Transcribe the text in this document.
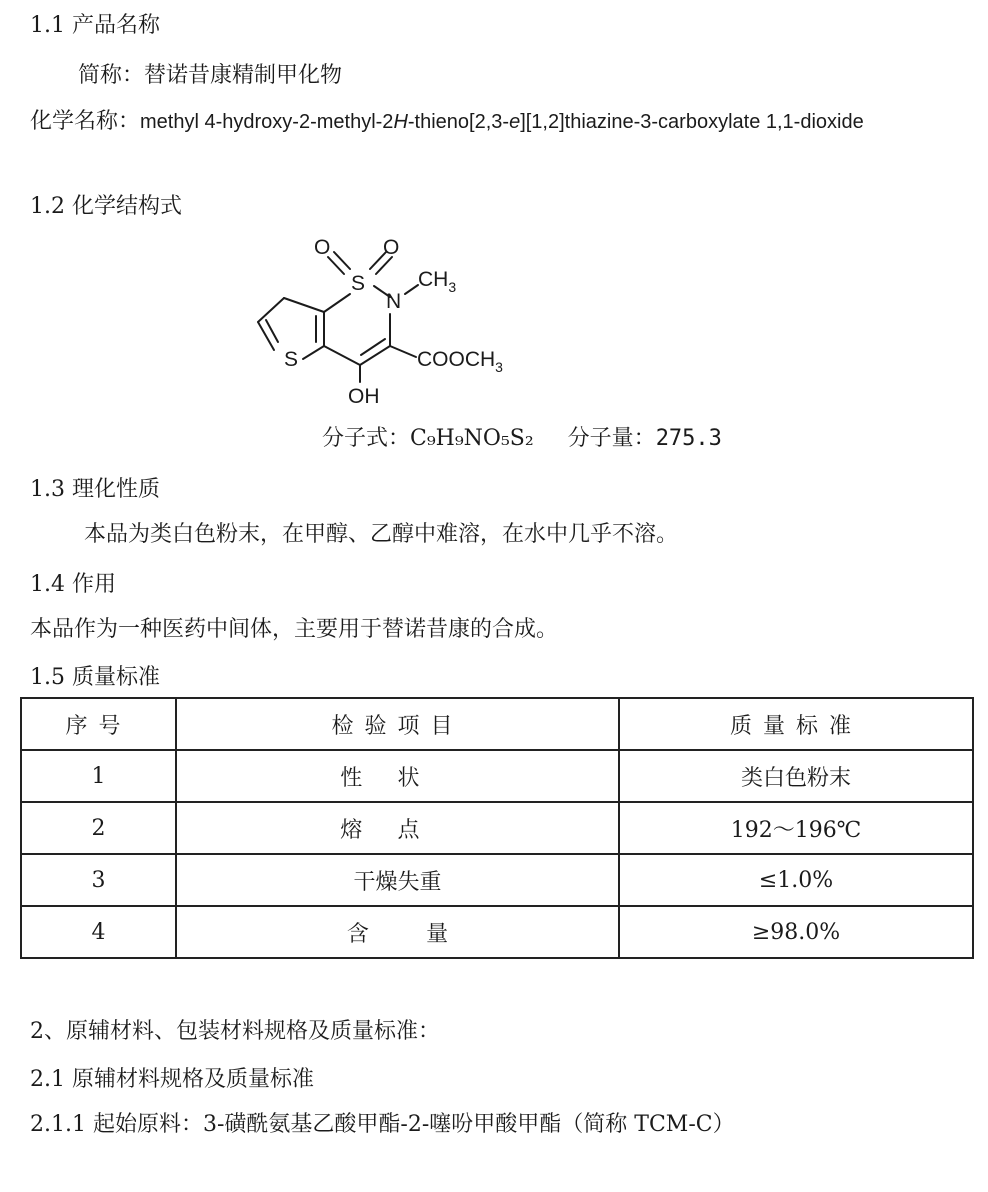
1.1 产品名称
简称：替诺昔康精制甲化物
化学名称：methyl 4-hydroxy-2-methyl-2H-thieno[2,3-e][1,2]thiazine-3-carboxylate 1,1-dioxide
1.2 化学结构式
O	O
S
N
$CH_3$
S	$COOCH_3$
OH
分子式：C₉H₉NO₅S₂ 分子量：275.3
1.3 理化性质
本品为类白色粉末，在甲醇、乙醇中难溶，在水中几乎不溶。
1.4 作用
本品作为一种医药中间体，主要用于替诺昔康的合成。
1.5 质量标准
序号	检验项目	质量标准
1	性状	类白色粉末
2	熔点	192～196℃
3	干燥失重	≤1.0%
4	含量	≥98.0%
2、原辅材料、包装材料规格及质量标准：
2.1 原辅材料规格及质量标准
2.1.1 起始原料：3-磺酰氨基乙酸甲酯-2-噻吩甲酸甲酯（简称 TCM-C）
